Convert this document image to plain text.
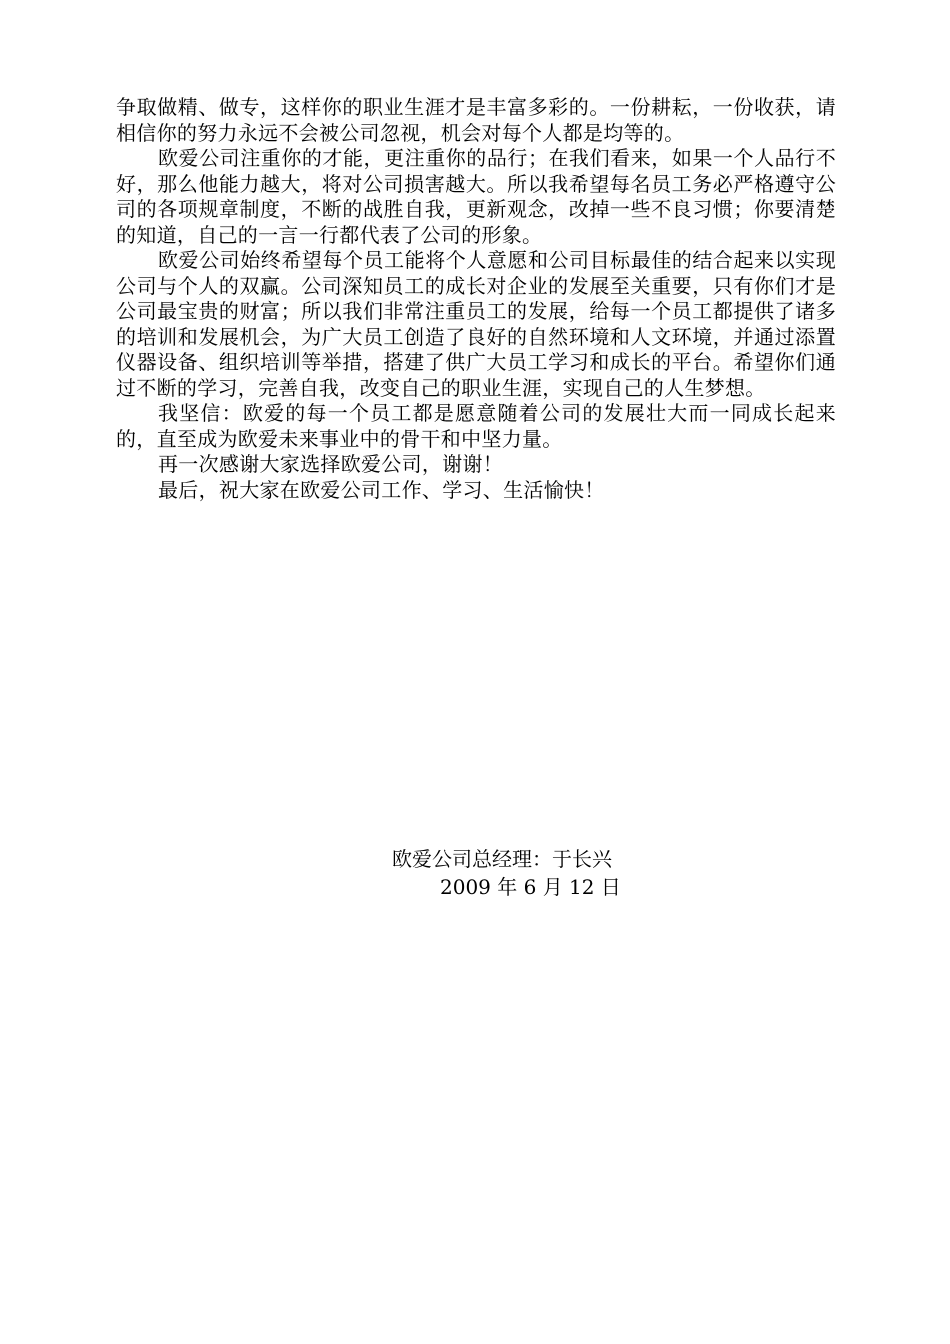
争取做精、做专，这样你的职业生涯才是丰富多彩的。一份耕耘，一份收获，请相信你的努力永远不会被公司忽视，机会对每个人都是均等的。

欧爱公司注重你的才能，更注重你的品行；在我们看来，如果一个人品行不好，那么他能力越大，将对公司损害越大。所以我希望每名员工务必严格遵守公司的各项规章制度，不断的战胜自我，更新观念，改掉一些不良习惯；你要清楚的知道，自己的一言一行都代表了公司的形象。

欧爱公司始终希望每个员工能将个人意愿和公司目标最佳的结合起来以实现公司与个人的双赢。公司深知员工的成长对企业的发展至关重要，只有你们才是公司最宝贵的财富；所以我们非常注重员工的发展，给每一个员工都提供了诸多的培训和发展机会，为广大员工创造了良好的自然环境和人文环境，并通过添置仪器设备、组织培训等举措，搭建了供广大员工学习和成长的平台。希望你们通过不断的学习，完善自我，改变自己的职业生涯，实现自己的人生梦想。

我坚信：欧爱的每一个员工都是愿意随着公司的发展壮大而一同成长起来的，直至成为欧爱未来事业中的骨干和中坚力量。

再一次感谢大家选择欧爱公司，谢谢！

最后，祝大家在欧爱公司工作、学习、生活愉快！

欧爱公司总经理：于长兴
2009 年 6 月 12 日
